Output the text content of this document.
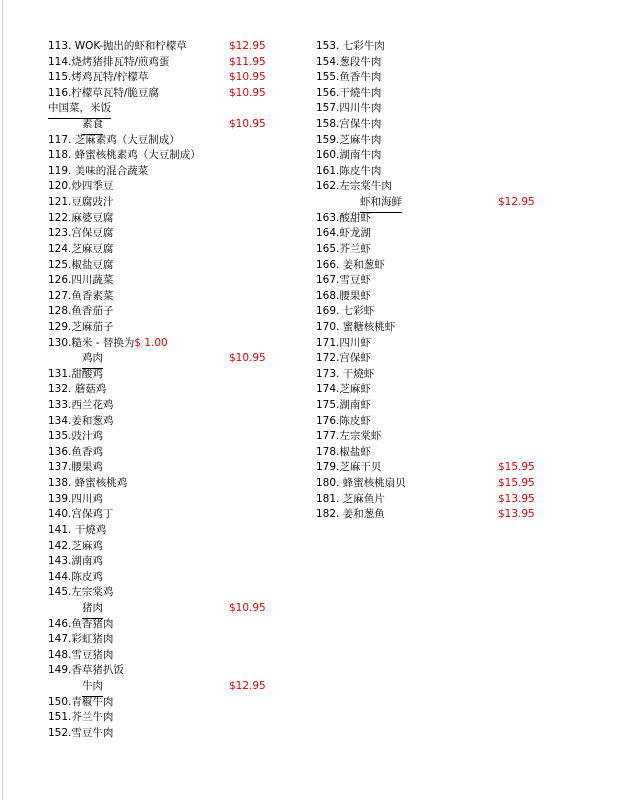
113. WOK-抛出的虾和柠檬草	$12.95
114.烧烤猪排瓦特/煎鸡蛋	$11.95
115.烤鸡瓦特/柠檬草	$10.95
116.柠檬草瓦特/脆豆腐	$10.95
中国菜，米饭
素食	$10.95
117. 芝麻素鸡（大豆制成）
118. 蜂蜜核桃素鸡（大豆制成）
119. 美味的混合蔬菜
120.炒四季豆
121.豆腐豉汁
122.麻婆豆腐
123.宫保豆腐
124.芝麻豆腐
125.椒盐豆腐
126.四川蔬菜
127.鱼香素菜
128.鱼香茄子
129.芝麻茄子
130.糙米 - 替换为$ 1.00
鸡肉	$10.95
131.甜酸鸡
132. 蘑菇鸡
133.西兰花鸡
134.姜和葱鸡
135.豉汁鸡
136.鱼香鸡
137.腰果鸡
138. 蜂蜜核桃鸡
139.四川鸡
140.宫保鸡丁
141. 干燒鸡
142.芝麻鸡
143.湖南鸡
144.陈皮鸡
145.左宗棠鸡
猪肉	$10.95
146.鱼香猪肉
147.彩虹猪肉
148.雪豆猪肉
149.香草猪扒饭
牛肉	$12.95
150.青椒牛肉
151.芥兰牛肉
152.雪豆牛肉
153. 七彩牛肉
154.葱段牛肉
155.鱼香牛肉
156.干燒牛肉
157.四川牛肉
158.宫保牛肉
159.芝麻牛肉
160.湖南牛肉
161.陈皮牛肉
162.左宗棠牛肉
虾和海鲜	$12.95
163.酸甜虾
164.虾龙湖
165.芥兰虾
166. 姜和葱虾
167.雪豆虾
168.腰果虾
169. 七彩虾
170. 蜜糖核桃虾
171.四川虾
172.宫保虾
173. 干燒虾
174.芝麻虾
175.湖南虾
176.陈皮虾
177.左宗棠虾
178.椒盐虾
179.芝麻干贝	$15.95
180. 蜂蜜核桃扇贝	$15.95
181. 芝麻鱼片	$13.95
182. 姜和葱鱼	$13.95
